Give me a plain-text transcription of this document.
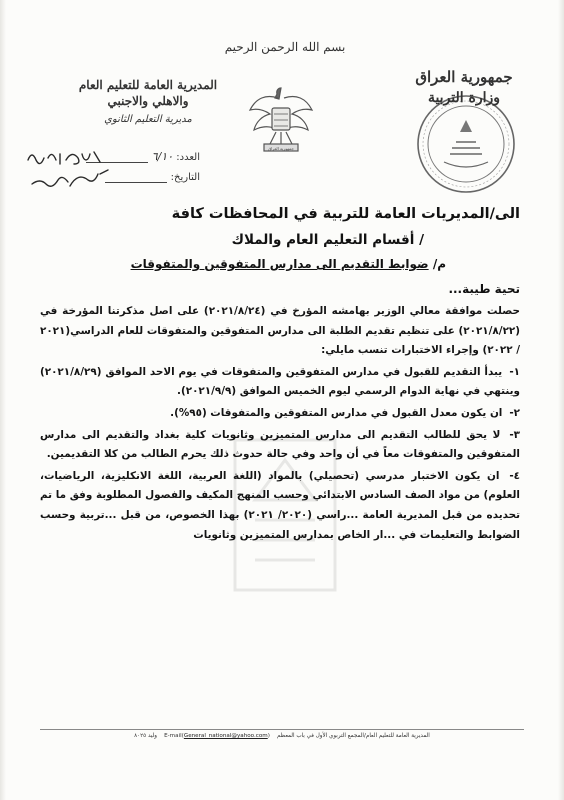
بسم الله الرحمن الرحيم
جمهورية العراق
جمهورية العراق
وزارة التربية
المديرية العامة للتعليم العام
والاهلي والاجنبي
مديرية التعليم الثانوي
العدد: ٦/١٠
التاريخ:
الى/المديريات العامة للتربية في المحافظات كافة
/ أقسام التعليم العام والملاك
م/ ضوابط التقديم الى مدارس المتفوقين والمتفوقات
تحية طيبة...

حصلت موافقة معالي الوزير بهامشه المؤرخ في (٢٠٢١/٨/٢٤) على اصل مذكرتنا المؤرخة في (٢٠٢١/٨/٢٢) على تنظيم تقديم الطلبة الى مدارس المتفوقين والمتفوقات للعام الدراسي(٢٠٢١ / ٢٠٢٢) وإجراء الاختبارات تنسب مايلي:

١- يبدأ التقديم للقبول في مدارس المتفوقين والمتفوقات في يوم الاحد الموافق (٢٠٢١/٨/٢٩) وينتهي في نهاية الدوام الرسمي ليوم الخميس الموافق (٢٠٢١/٩/٩).

٢- ان يكون معدل القبول في مدارس المتفوقين والمتفوقات (٩٥%).

٣- لا يحق للطالب التقديم الى مدارس المتميزين وثانويات كلية بغداد والتقديم الى مدارس المتفوقين والمتفوقات معاً في أن واحد وفي حالة حدوث ذلك يحرم الطالب من كلا التقديمين.

٤- ان يكون الاختبار مدرسي (تحصيلي) بالمواد (اللغة العربية، اللغة الانكليزية، الرياضيات، العلوم) من مواد الصف السادس الابتدائي وحسب المنهج المكيف والفصول المطلوبة وفق ما تم تحديده من قبل المديرية العامة ...راسي (٢٠٢٠/ ٢٠٢١) بهذا الخصوص، من قبل ...تربية وحسب الضوابط والتعليمات في ...ار الخاص بمدارس المتميزين وثانويات

المديرية العامة للتعليم العام/المجمع التربوي الأول في باب المعظم    E-mail(General_national@yahoo.com)    وليد ٨٠٢٥
